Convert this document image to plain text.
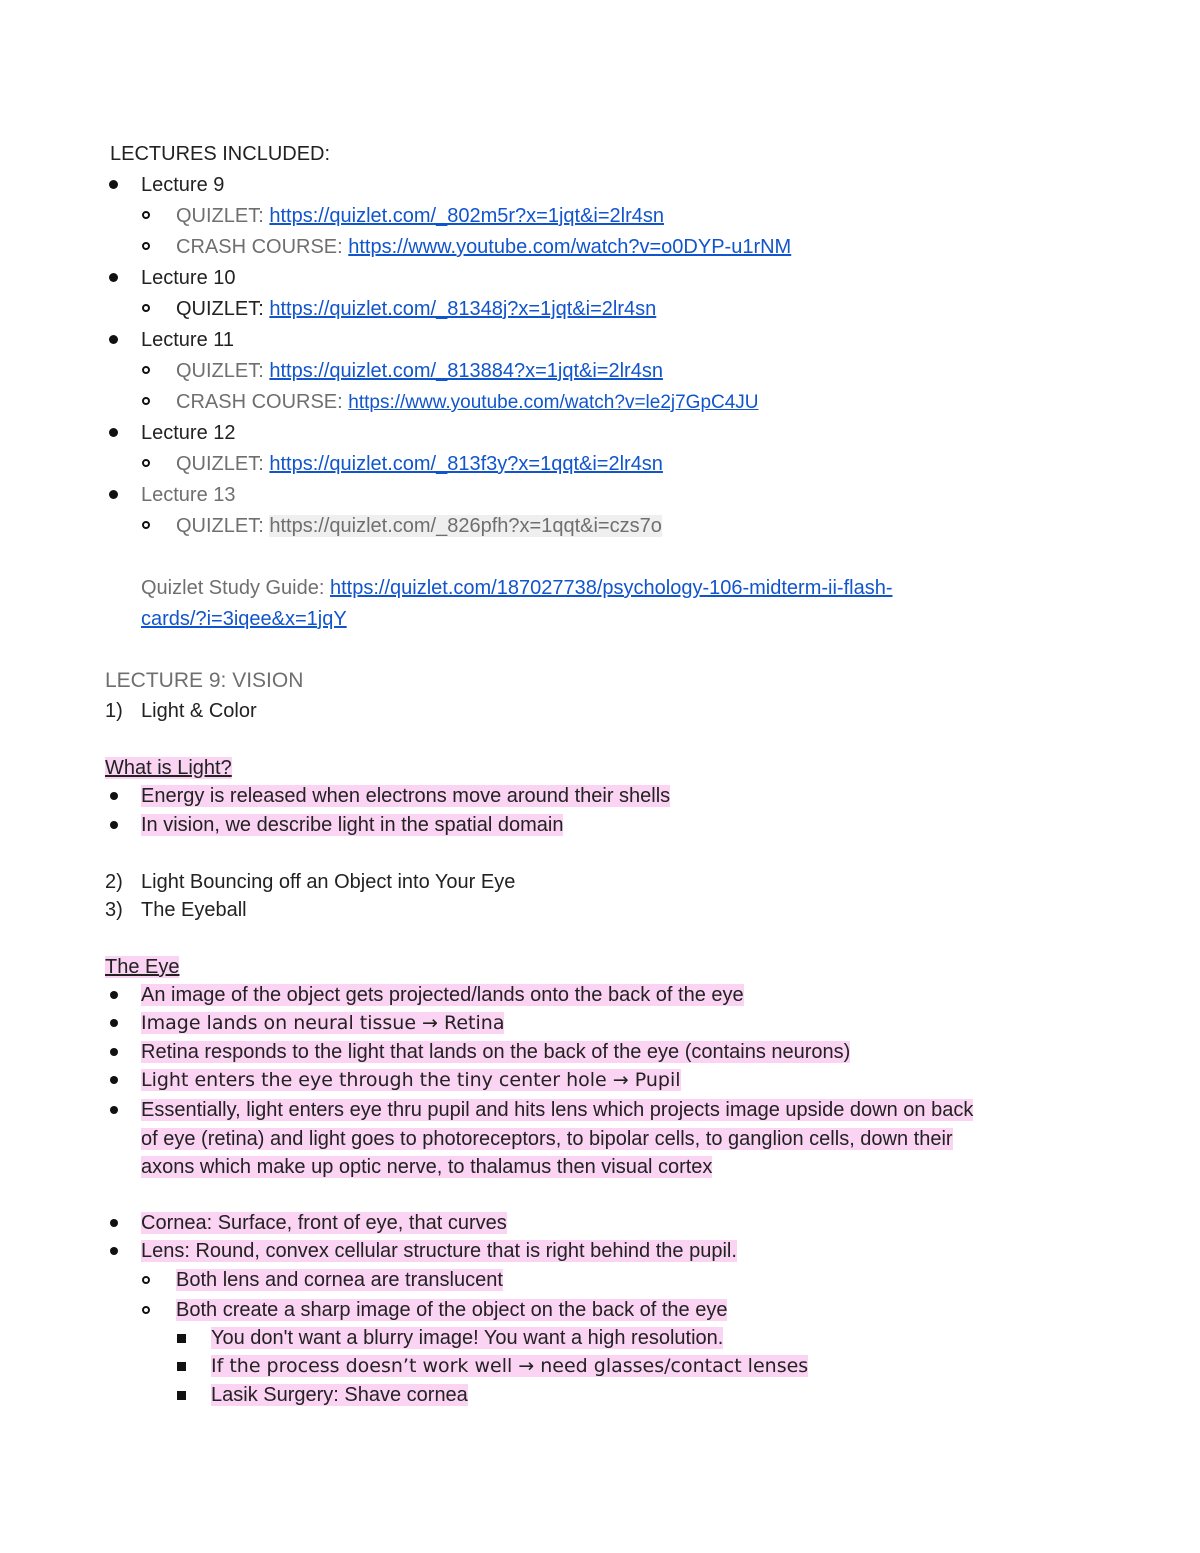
LECTURES INCLUDED:
Lecture 9
QUIZLET: https://quizlet.com/_802m5r?x=1jqt&i=2lr4sn
CRASH COURSE: https://www.youtube.com/watch?v=o0DYP-u1rNM
Lecture 10
QUIZLET: https://quizlet.com/_81348j?x=1jqt&i=2lr4sn
Lecture 11
QUIZLET: https://quizlet.com/_813884?x=1jqt&i=2lr4sn
CRASH COURSE: https://www.youtube.com/watch?v=le2j7GpC4JU
Lecture 12
QUIZLET: https://quizlet.com/_813f3y?x=1qqt&i=2lr4sn
Lecture 13
QUIZLET: https://quizlet.com/_826pfh?x=1qqt&i=czs7o
Quizlet Study Guide: https://quizlet.com/187027738/psychology-106-midterm-ii-flash-
cards/?i=3iqee&x=1jqY
LECTURE 9: VISION
1) Light & Color
What is Light?
Energy is released when electrons move around their shells
In vision, we describe light in the spatial domain
2) Light Bouncing off an Object into Your Eye
3) The Eyeball
The Eye
An image of the object gets projected/lands onto the back of the eye
Image lands on neural tissue → Retina
Retina responds to the light that lands on the back of the eye (contains neurons)
Light enters the eye through the tiny center hole → Pupil
Essentially, light enters eye thru pupil and hits lens which projects image upside down on back
of eye (retina) and light goes to photoreceptors, to bipolar cells, to ganglion cells, down their
axons which make up optic nerve, to thalamus then visual cortex
Cornea: Surface, front of eye, that curves
Lens: Round, convex cellular structure that is right behind the pupil.
Both lens and cornea are translucent
Both create a sharp image of the object on the back of the eye
You don't want a blurry image! You want a high resolution.
If the process doesn’t work well → need glasses/contact lenses
Lasik Surgery: Shave cornea
